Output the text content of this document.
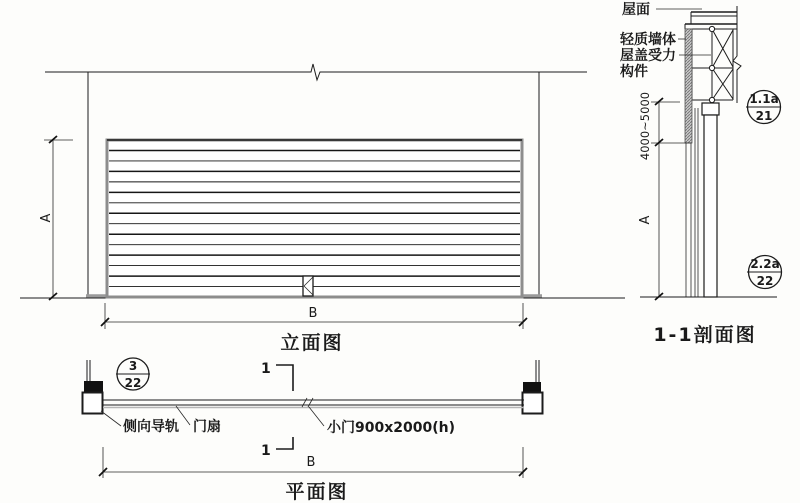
A
B
立面图
屋面
轻质墙体
屋盖受力
构件
4000~5000
A
1.1a
21
2.2a
22
1-1剖面图
3
22
侧向导轨 门扇	小门900x2000(h)
1
1
B
平面图
